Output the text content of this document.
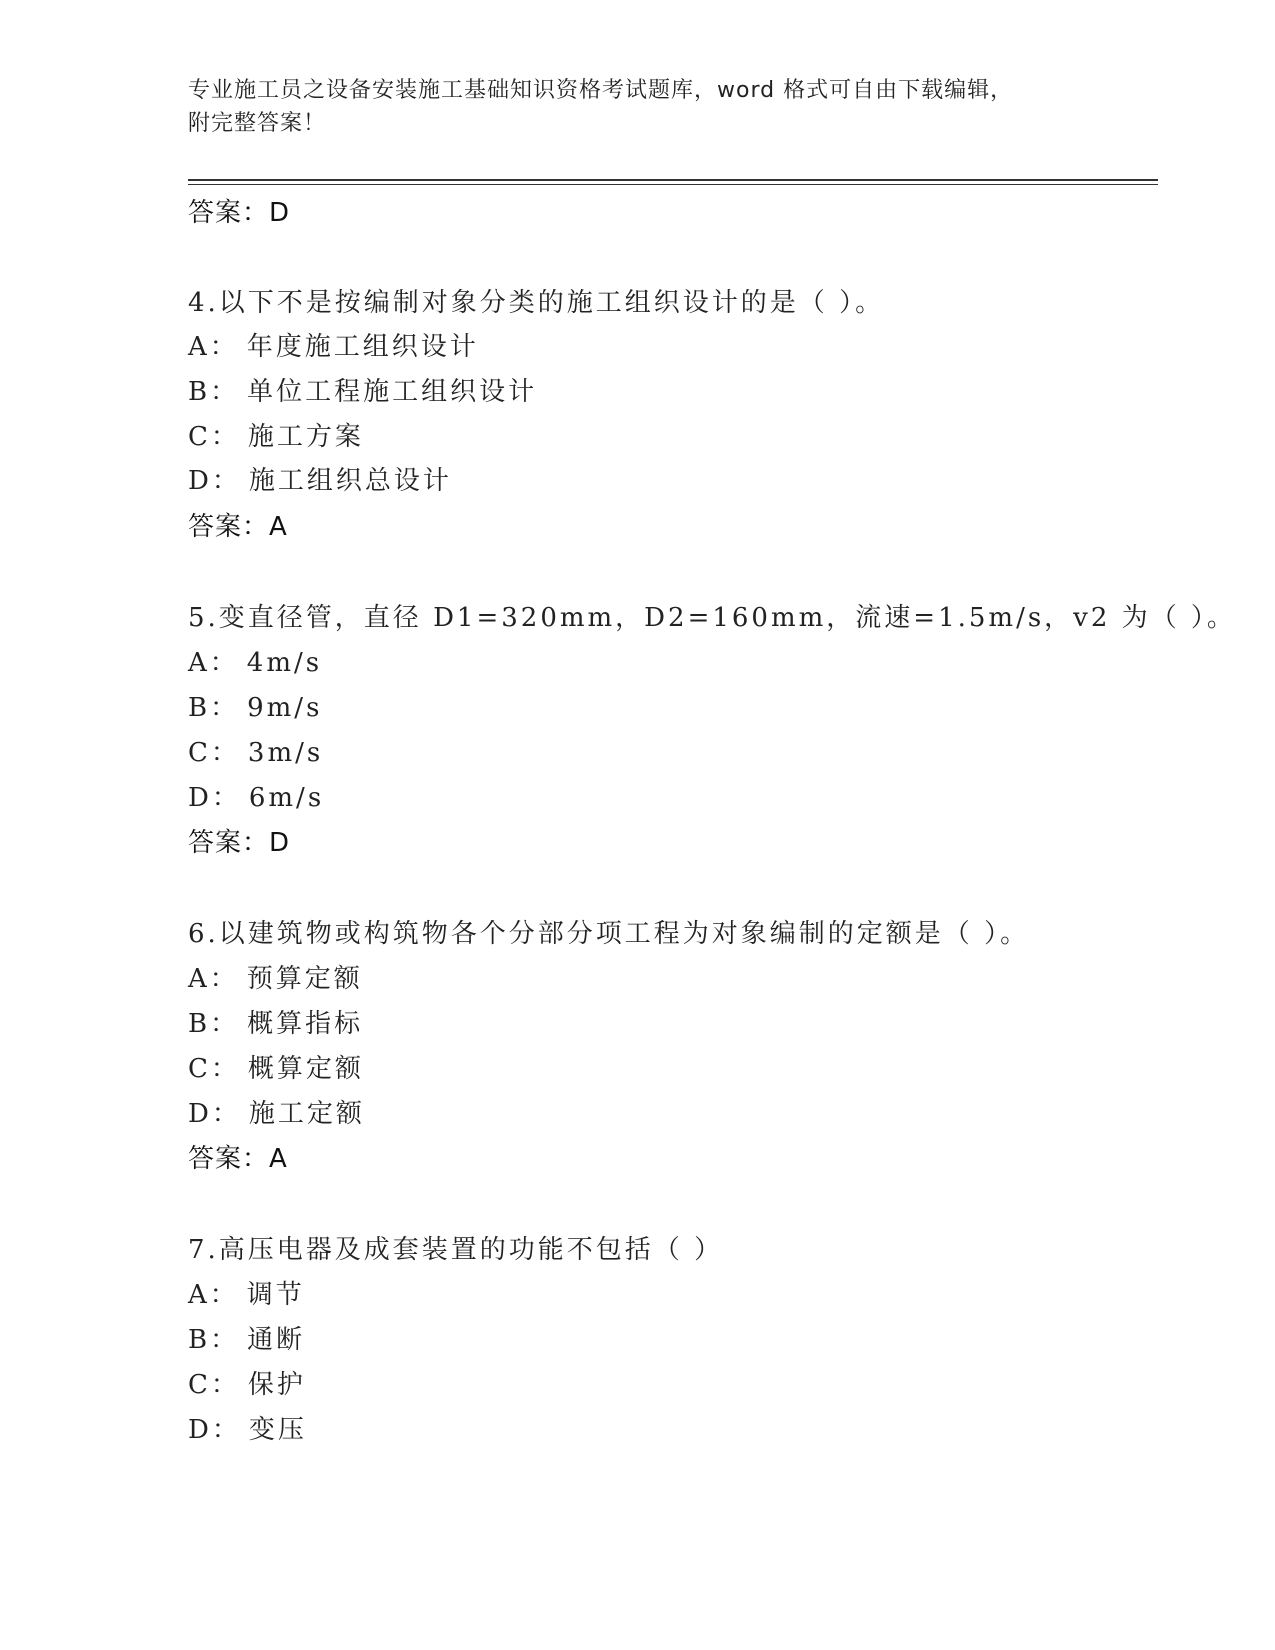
专业施工员之设备安装施工基础知识资格考试题库，word 格式可自由下载编辑，
附完整答案！
答案：D
4.以下不是按编制对象分类的施工组织设计的是（ ）。
A： 年度施工组织设计
B： 单位工程施工组织设计
C： 施工方案
D： 施工组织总设计
答案：A
5.变直径管，直径 D1=320mm，D2=160mm，流速=1.5m/s，v2 为（ ）。
A： 4m/s
B： 9m/s
C： 3m/s
D： 6m/s
答案：D
6.以建筑物或构筑物各个分部分项工程为对象编制的定额是（ ）。
A： 预算定额
B： 概算指标
C： 概算定额
D： 施工定额
答案：A
7.高压电器及成套装置的功能不包括（ ）
A： 调节
B： 通断
C： 保护
D： 变压
